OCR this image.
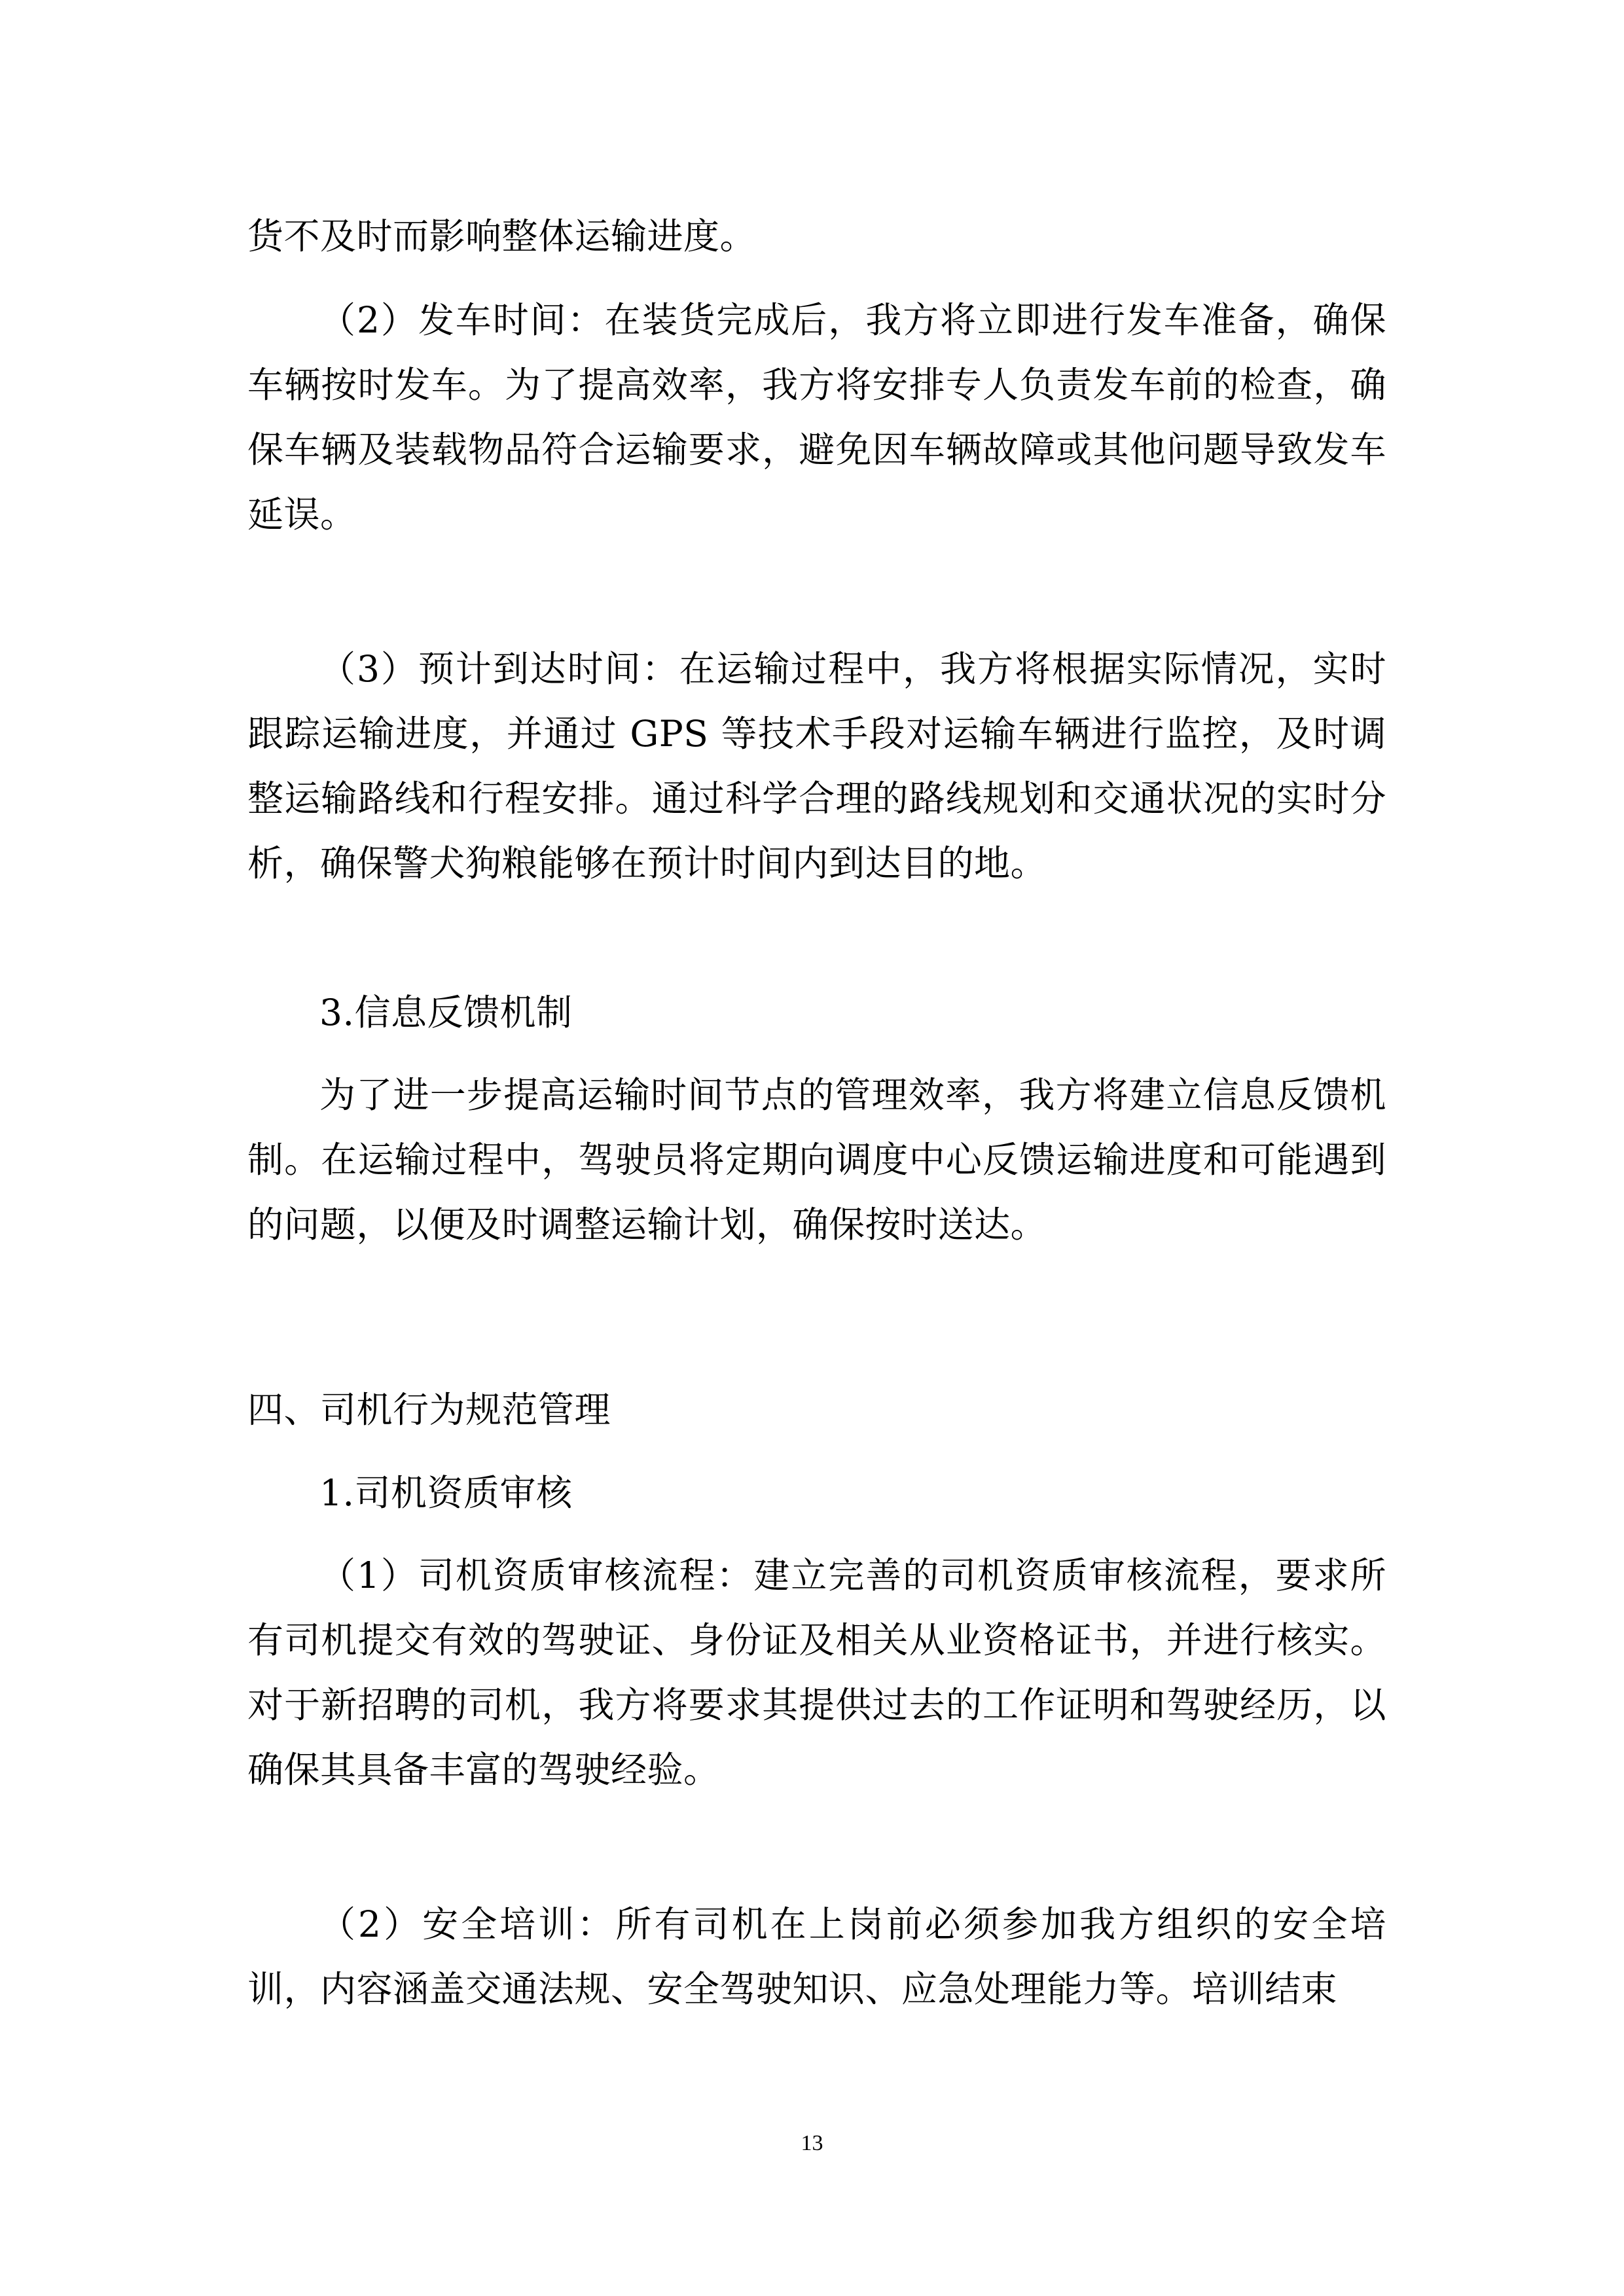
货不及时而影响整体运输进度。

（2）发车时间：在装货完成后，我方将立即进行发车准备，确保车辆按时发车。为了提高效率，我方将安排专人负责发车前的检查，确保车辆及装载物品符合运输要求，避免因车辆故障或其他问题导致发车延误。

（3）预计到达时间：在运输过程中，我方将根据实际情况，实时跟踪运输进度，并通过 GPS 等技术手段对运输车辆进行监控，及时调整运输路线和行程安排。通过科学合理的路线规划和交通状况的实时分析，确保警犬狗粮能够在预计时间内到达目的地。

3.信息反馈机制

为了进一步提高运输时间节点的管理效率，我方将建立信息反馈机制。在运输过程中，驾驶员将定期向调度中心反馈运输进度和可能遇到的问题，以便及时调整运输计划，确保按时送达。

四、司机行为规范管理

1.司机资质审核

（1）司机资质审核流程：建立完善的司机资质审核流程，要求所有司机提交有效的驾驶证、身份证及相关从业资格证书，并进行核实。对于新招聘的司机，我方将要求其提供过去的工作证明和驾驶经历，以确保其具备丰富的驾驶经验。

（2）安全培训：所有司机在上岗前必须参加我方组织的安全培训，内容涵盖交通法规、安全驾驶知识、应急处理能力等。培训结束

13
